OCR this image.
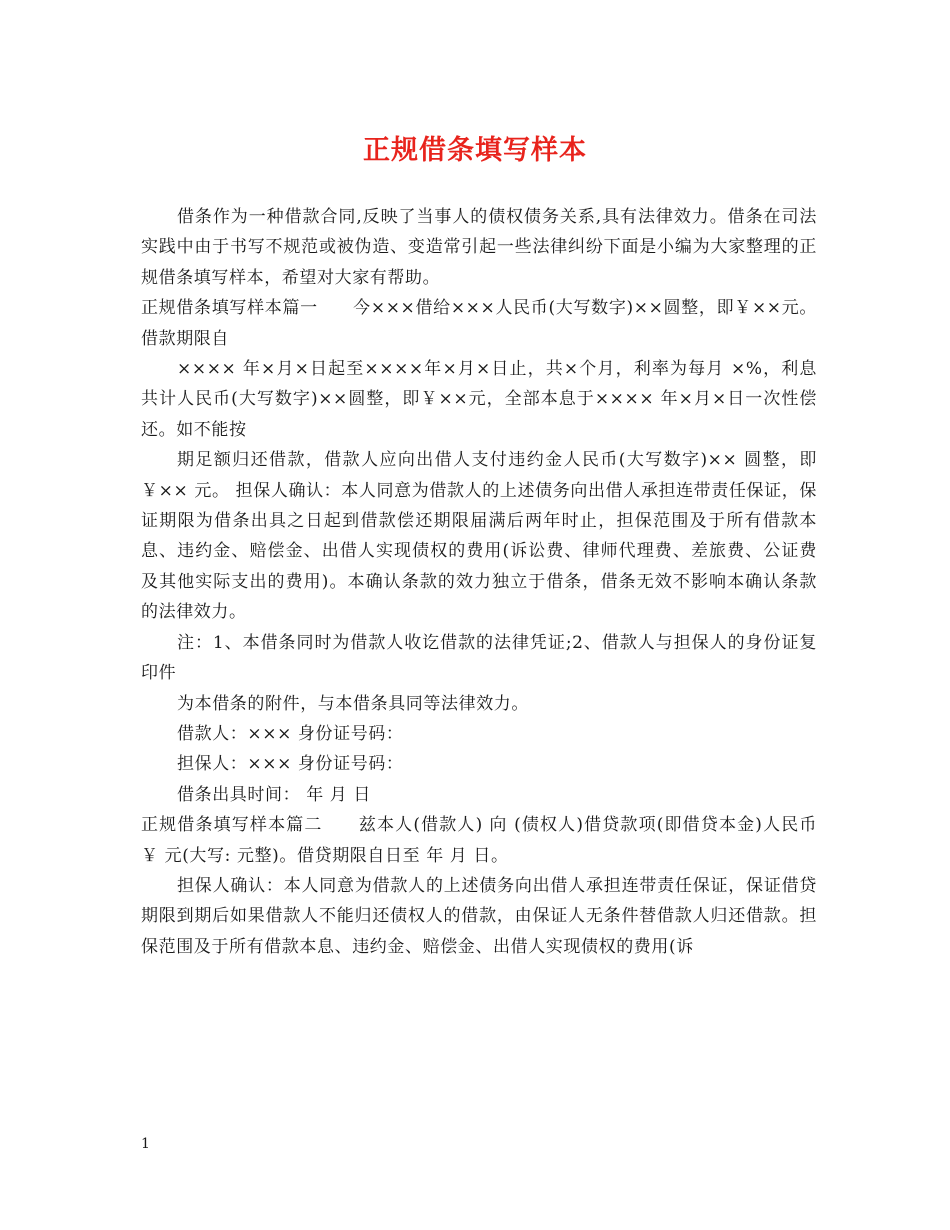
正规借条填写样本

借条作为一种借款合同,反映了当事人的债权债务关系,具有法律效力。借条在司法实践中由于书写不规范或被伪造、变造常引起一些法律纠纷下面是小编为大家整理的正规借条填写样本，希望对大家有帮助。

正规借条填写样本篇一　　今×××借给×××人民币(大写数字)××圆整，即￥××元。借款期限自

×××× 年×月×日起至××××年×月×日止，共×个月，利率为每月 ×%，利息共计人民币(大写数字)××圆整，即￥××元，全部本息于×××× 年×月×日一次性偿还。如不能按

期足额归还借款，借款人应向出借人支付违约金人民币(大写数字)×× 圆整，即￥×× 元。 担保人确认：本人同意为借款人的上述债务向出借人承担连带责任保证，保证期限为借条出具之日起到借款偿还期限届满后两年时止，担保范围及于所有借款本息、违约金、赔偿金、出借人实现债权的费用(诉讼费、律师代理费、差旅费、公证费及其他实际支出的费用)。本确认条款的效力独立于借条，借条无效不影响本确认条款的法律效力。

注：1、本借条同时为借款人收讫借款的法律凭证;2、借款人与担保人的身份证复印件

为本借条的附件，与本借条具同等法律效力。

借款人：××× 身份证号码：

担保人：××× 身份证号码：

借条出具时间： 年 月 日

正规借条填写样本篇二　　兹本人(借款人) 向 (债权人)借贷款项(即借贷本金)人民币 ￥ 元(大写: 元整)。借贷期限自日至 年 月 日。

担保人确认：本人同意为借款人的上述债务向出借人承担连带责任保证，保证借贷期限到期后如果借款人不能归还债权人的借款，由保证人无条件替借款人归还借款。担保范围及于所有借款本息、违约金、赔偿金、出借人实现债权的费用(诉

1
